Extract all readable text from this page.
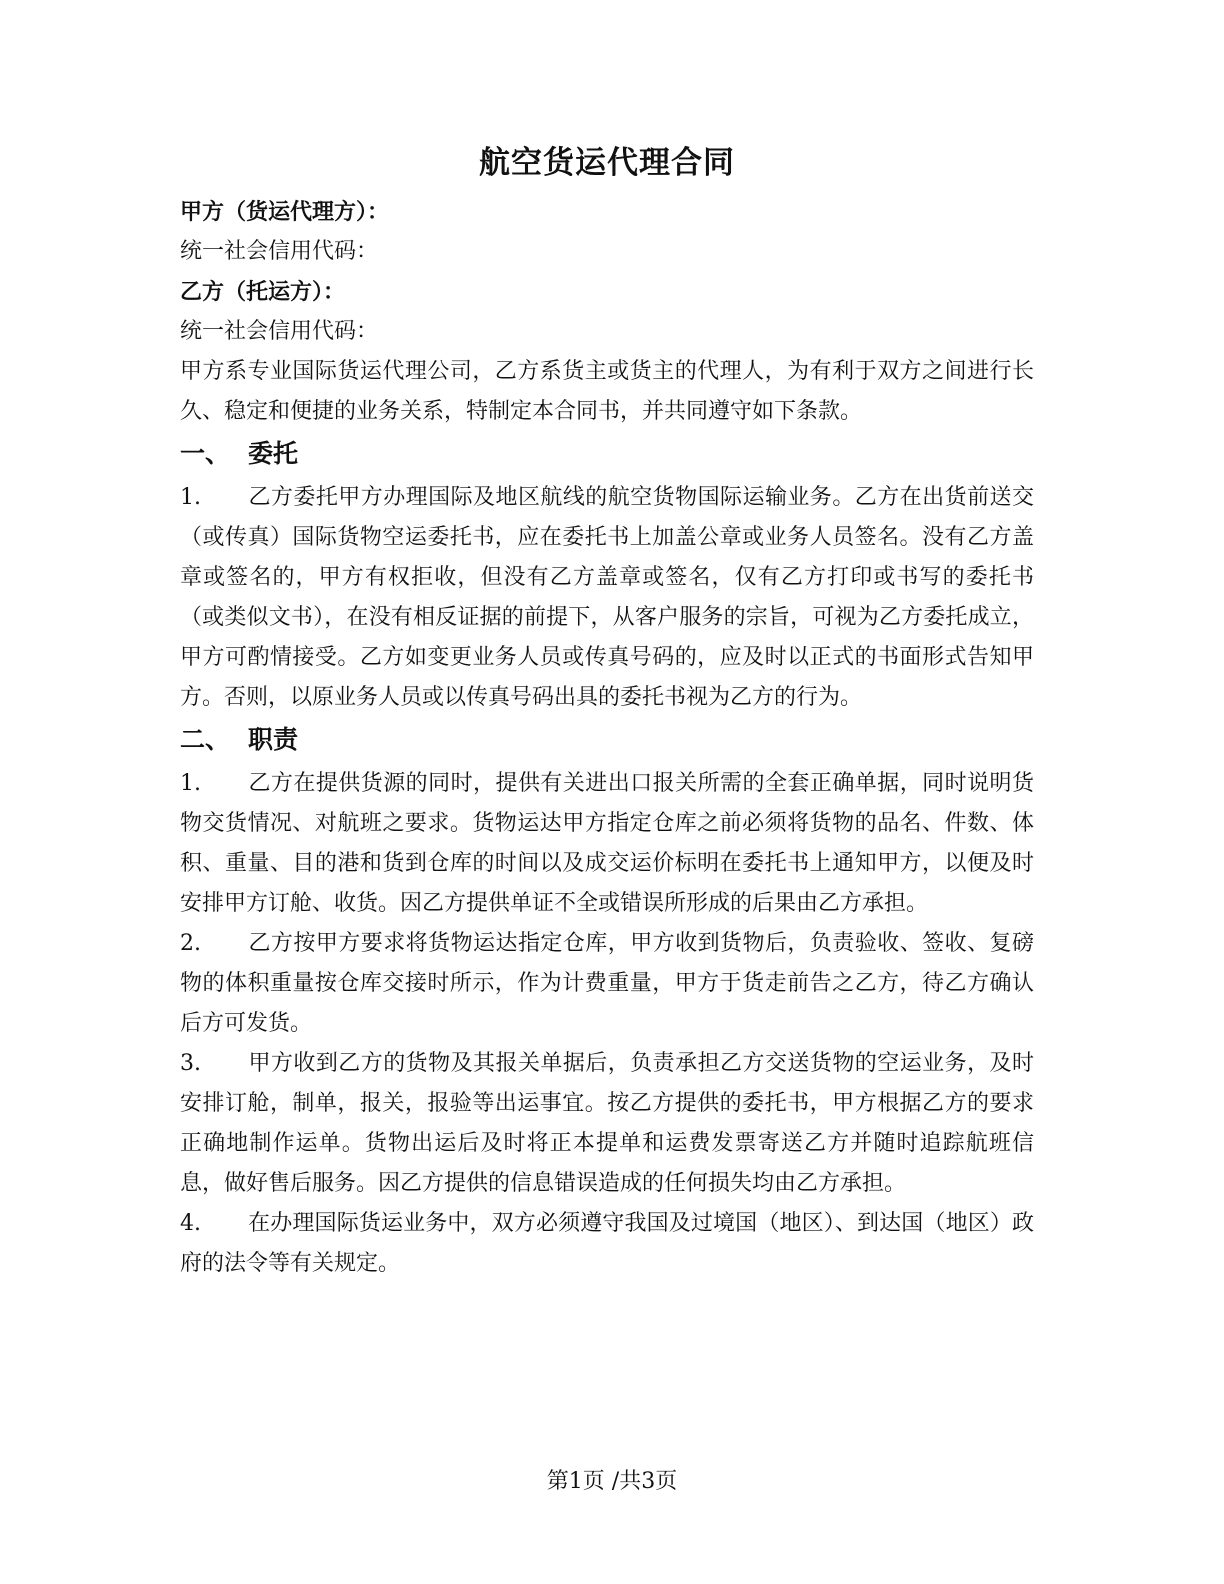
航空货运代理合同

甲方（货运代理方）：

统一社会信用代码：

乙方（托运方）：

统一社会信用代码：

甲方系专业国际货运代理公司，乙方系货主或货主的代理人，为有利于双方之间进行长久、稳定和便捷的业务关系，特制定本合同书，并共同遵守如下条款。

一、 委托

1. 乙方委托甲方办理国际及地区航线的航空货物国际运输业务。乙方在出货前送交（或传真）国际货物空运委托书，应在委托书上加盖公章或业务人员签名。没有乙方盖章或签名的，甲方有权拒收，但没有乙方盖章或签名，仅有乙方打印或书写的委托书（或类似文书），在没有相反证据的前提下，从客户服务的宗旨，可视为乙方委托成立，甲方可酌情接受。乙方如变更业务人员或传真号码的，应及时以正式的书面形式告知甲方。否则，以原业务人员或以传真号码出具的委托书视为乙方的行为。

二、 职责

1. 乙方在提供货源的同时，提供有关进出口报关所需的全套正确单据，同时说明货物交货情况、对航班之要求。货物运达甲方指定仓库之前必须将货物的品名、件数、体积、重量、目的港和货到仓库的时间以及成交运价标明在委托书上通知甲方，以便及时安排甲方订舱、收货。因乙方提供单证不全或错误所形成的后果由乙方承担。

2. 乙方按甲方要求将货物运达指定仓库，甲方收到货物后，负责验收、签收、复磅物的体积重量按仓库交接时所示，作为计费重量，甲方于货走前告之乙方，待乙方确认后方可发货。

3. 甲方收到乙方的货物及其报关单据后，负责承担乙方交送货物的空运业务，及时安排订舱，制单，报关，报验等出运事宜。按乙方提供的委托书，甲方根据乙方的要求正确地制作运单。货物出运后及时将正本提单和运费发票寄送乙方并随时追踪航班信息，做好售后服务。因乙方提供的信息错误造成的任何损失均由乙方承担。

4. 在办理国际货运业务中，双方必须遵守我国及过境国（地区）、到达国（地区）政府的法令等有关规定。

第1页 /共3页
